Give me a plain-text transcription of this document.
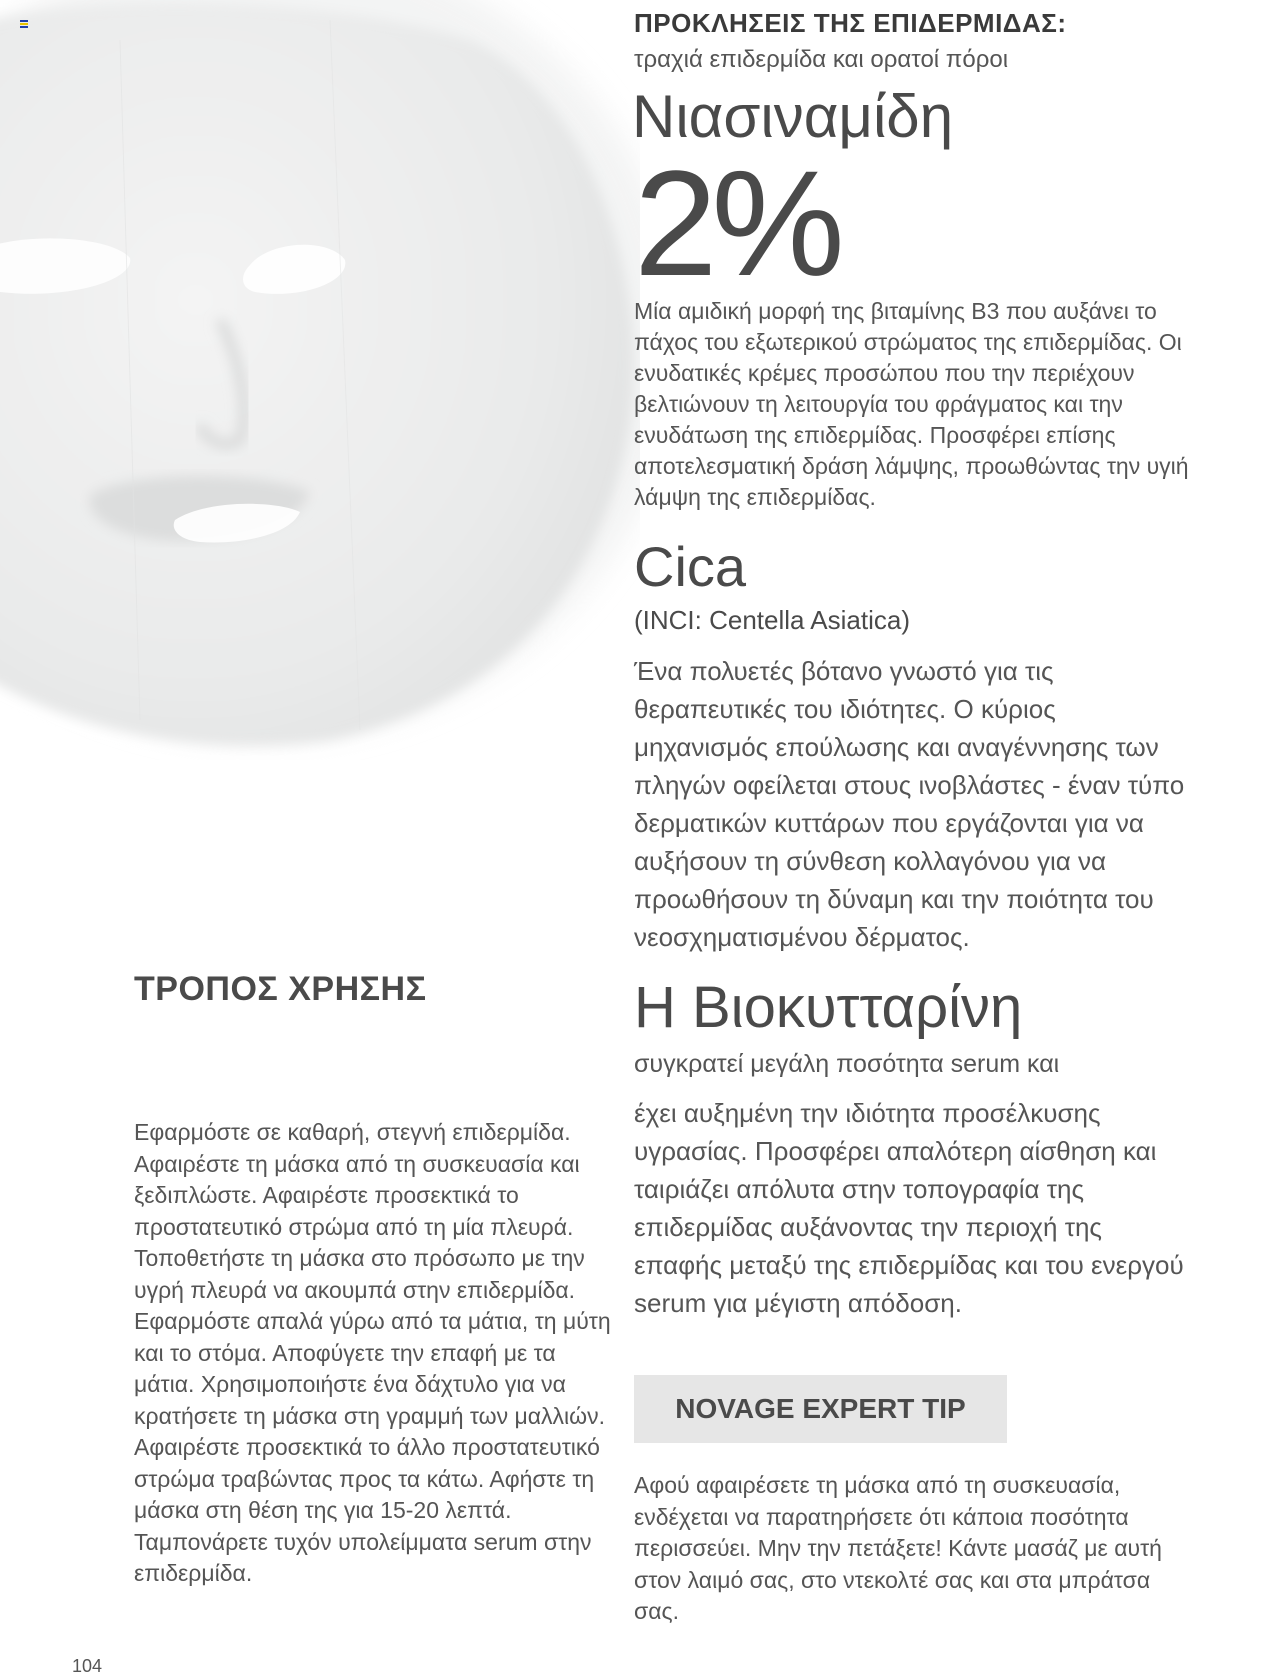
ΠΡΟΚΛΗΣΕΙΣ ΤΗΣ ΕΠΙΔΕΡΜΙΔΑΣ:
τραχιά επιδερμίδα και ορατοί πόροι
Νιασιναμίδη
2%
Μία αμιδική μορφή της βιταμίνης Β3 που αυξάνει το πάχος του εξωτερικού στρώματος της επιδερμίδας. Οι ενυδατικές κρέμες προσώπου που την περιέχουν βελτιώνουν τη λειτουργία του φράγματος και την ενυδάτωση της επιδερμίδας. Προσφέρει επίσης αποτελεσματική δράση λάμψης, προωθώντας την υγιή λάμψη της επιδερμίδας.
Cica
(INCI: Centella Asiatica)
Ένα πολυετές βότανο γνωστό για τις θεραπευτικές του ιδιότητες. Ο κύριος μηχανισμός επούλωσης και αναγέννησης των πληγών οφείλεται στους ινοβλάστες - έναν τύπο δερματικών κυττάρων που εργάζονται για να αυξήσουν τη σύνθεση κολλαγόνου για να προωθήσουν τη δύναμη και την ποιότητα του νεοσχηματισμένου δέρματος.
Η Βιοκυτταρίνη
συγκρατεί μεγάλη ποσότητα serum και
έχει αυξημένη την ιδιότητα προσέλκυσης υγρασίας. Προσφέρει απαλότερη αίσθηση και ταιριάζει απόλυτα στην τοπογραφία της επιδερμίδας αυξάνοντας την περιοχή της επαφής μεταξύ της επιδερμίδας και του ενεργού serum για μέγιστη απόδοση.
ΤΡΟΠΟΣ ΧΡΗΣΗΣ
Εφαρμόστε σε καθαρή, στεγνή επιδερμίδα. Αφαιρέστε τη μάσκα από τη συσκευασία και ξεδιπλώστε. Αφαιρέστε προσεκτικά το προστατευτικό στρώμα από τη μία πλευρά. Τοποθετήστε τη μάσκα στο πρόσωπο με την υγρή πλευρά να ακουμπά στην επιδερμίδα. Εφαρμόστε απαλά γύρω από τα μάτια, τη μύτη και το στόμα. Αποφύγετε την επαφή με τα μάτια. Χρησιμοποιήστε ένα δάχτυλο για να κρατήσετε τη μάσκα στη γραμμή των μαλλιών. Αφαιρέστε προσεκτικά το άλλο προστατευτικό στρώμα τραβώντας προς τα κάτω. Αφήστε τη μάσκα στη θέση της για 15-20 λεπτά. Ταμπονάρετε τυχόν υπολείμματα serum στην επιδερμίδα.
NOVAGE EXPERT TIP
Αφού αφαιρέσετε τη μάσκα από τη συσκευασία, ενδέχεται να παρατηρήσετε ότι κάποια ποσότητα περισσεύει. Μην την πετάξετε! Κάντε μασάζ με αυτή στον λαιμό σας, στο ντεκολτέ σας και στα μπράτσα σας.
104
